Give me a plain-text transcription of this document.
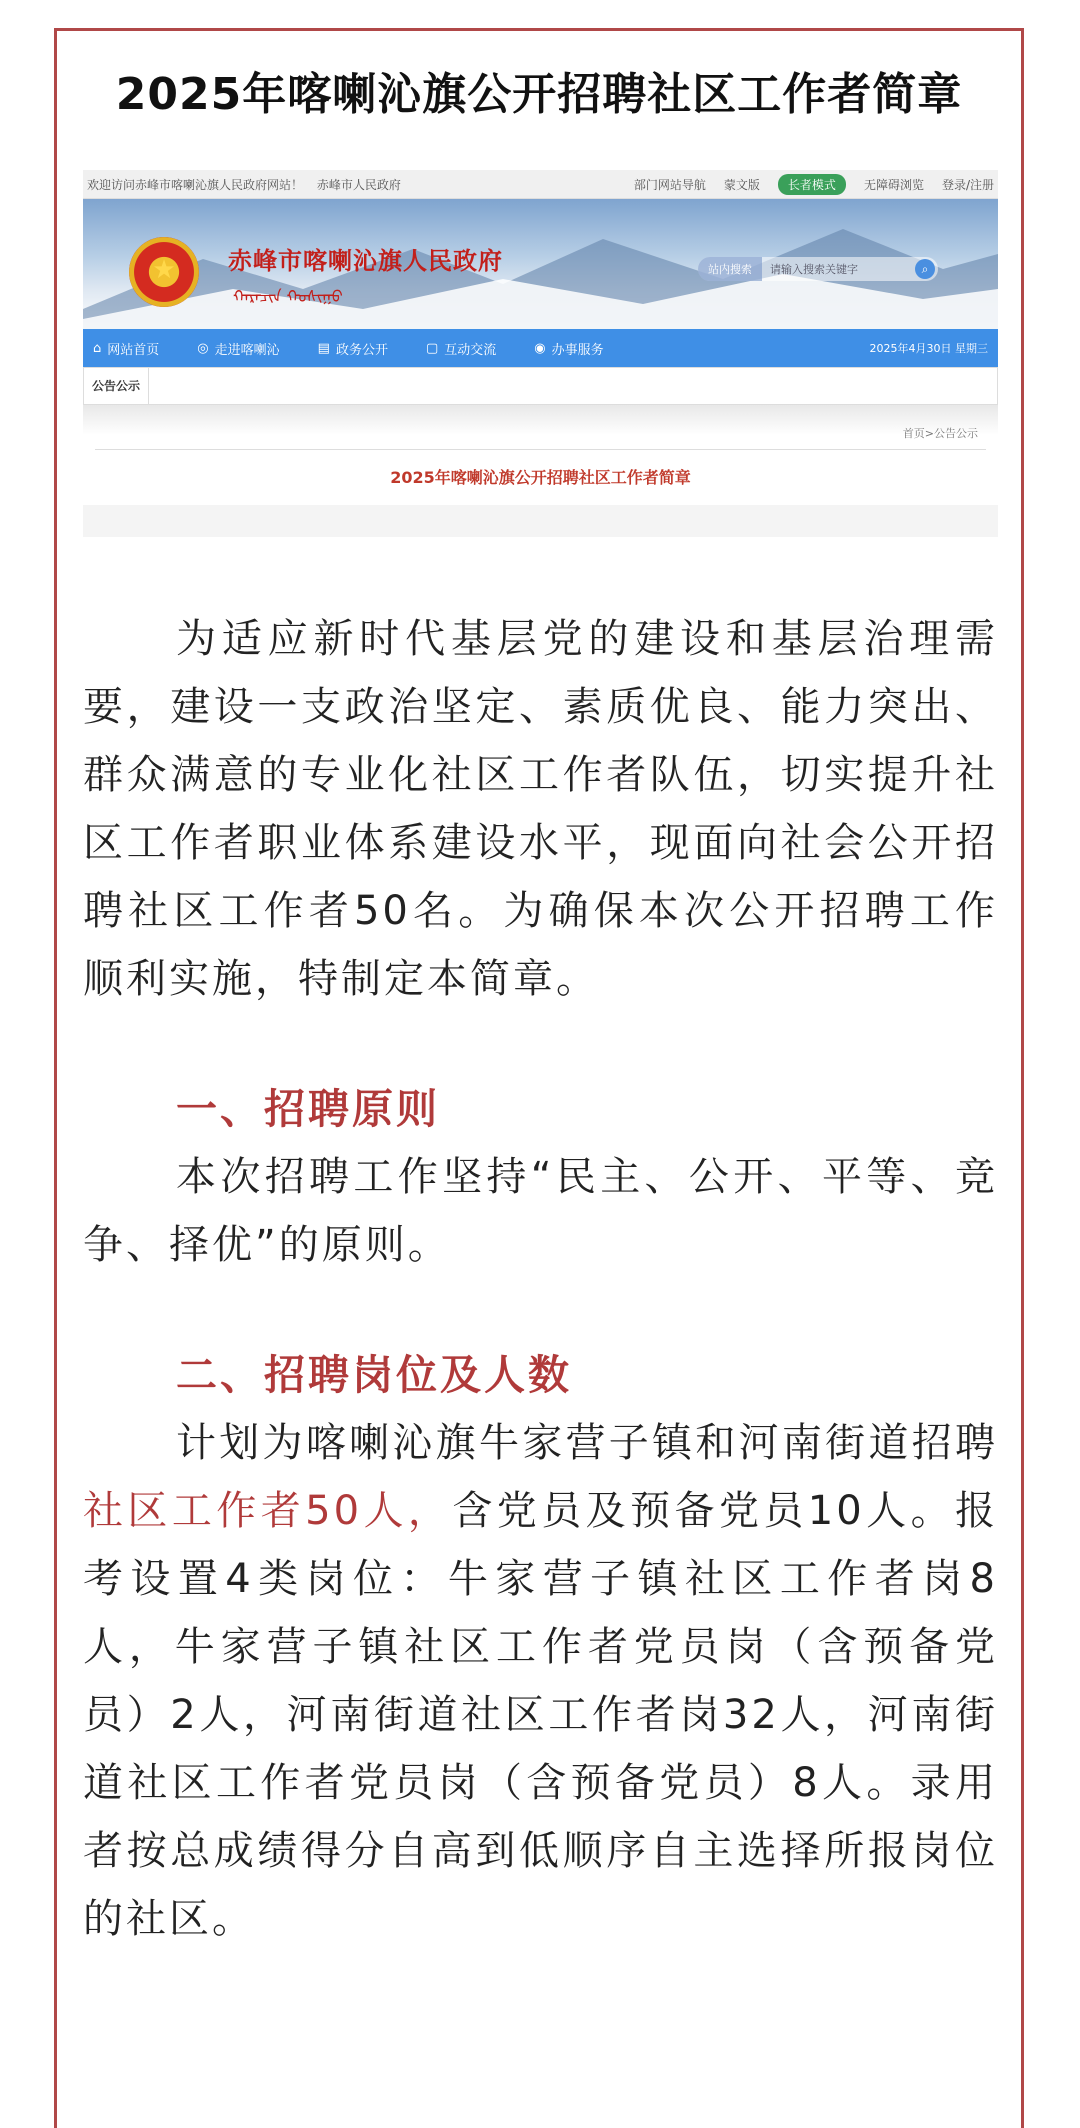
2025年喀喇沁旗公开招聘社区工作者简章
欢迎访问赤峰市喀喇沁旗人民政府网站！ 赤峰市人民政府	部门网站导航 蒙文版	长者模式	无障碍浏览 登录/注册
★	赤峰市喀喇沁旗人民政府
ᠬᠠᠷᠠᠴᠢᠨ ᠬᠣᠰᠢᠭᠤ
站内搜索	请输入搜索关键字	⌕
⌂ 网站首页	◎ 走进喀喇沁	▤ 政务公开	▢ 互动交流	◉ 办事服务	2025年4月30日 星期三
公告公示
首页>公告公示
2025年喀喇沁旗公开招聘社区工作者简章

为适应新时代基层党的建设和基层治理需要，建设一支政治坚定、素质优良、能力突出、群众满意的专业化社区工作者队伍，切实提升社区工作者职业体系建设水平，现面向社会公开招聘社区工作者50名。为确保本次公开招聘工作顺利实施，特制定本简章。

一、招聘原则

本次招聘工作坚持“民主、公开、平等、竞争、择优”的原则。

二、招聘岗位及人数

计划为喀喇沁旗牛家营子镇和河南街道招聘社区工作者50人，含党员及预备党员10人。报考设置4类岗位：牛家营子镇社区工作者岗8人，牛家营子镇社区工作者党员岗（含预备党员）2人，河南街道社区工作者岗32人，河南街道社区工作者党员岗（含预备党员）8人。录用者按总成绩得分自高到低顺序自主选择所报岗位的社区。
